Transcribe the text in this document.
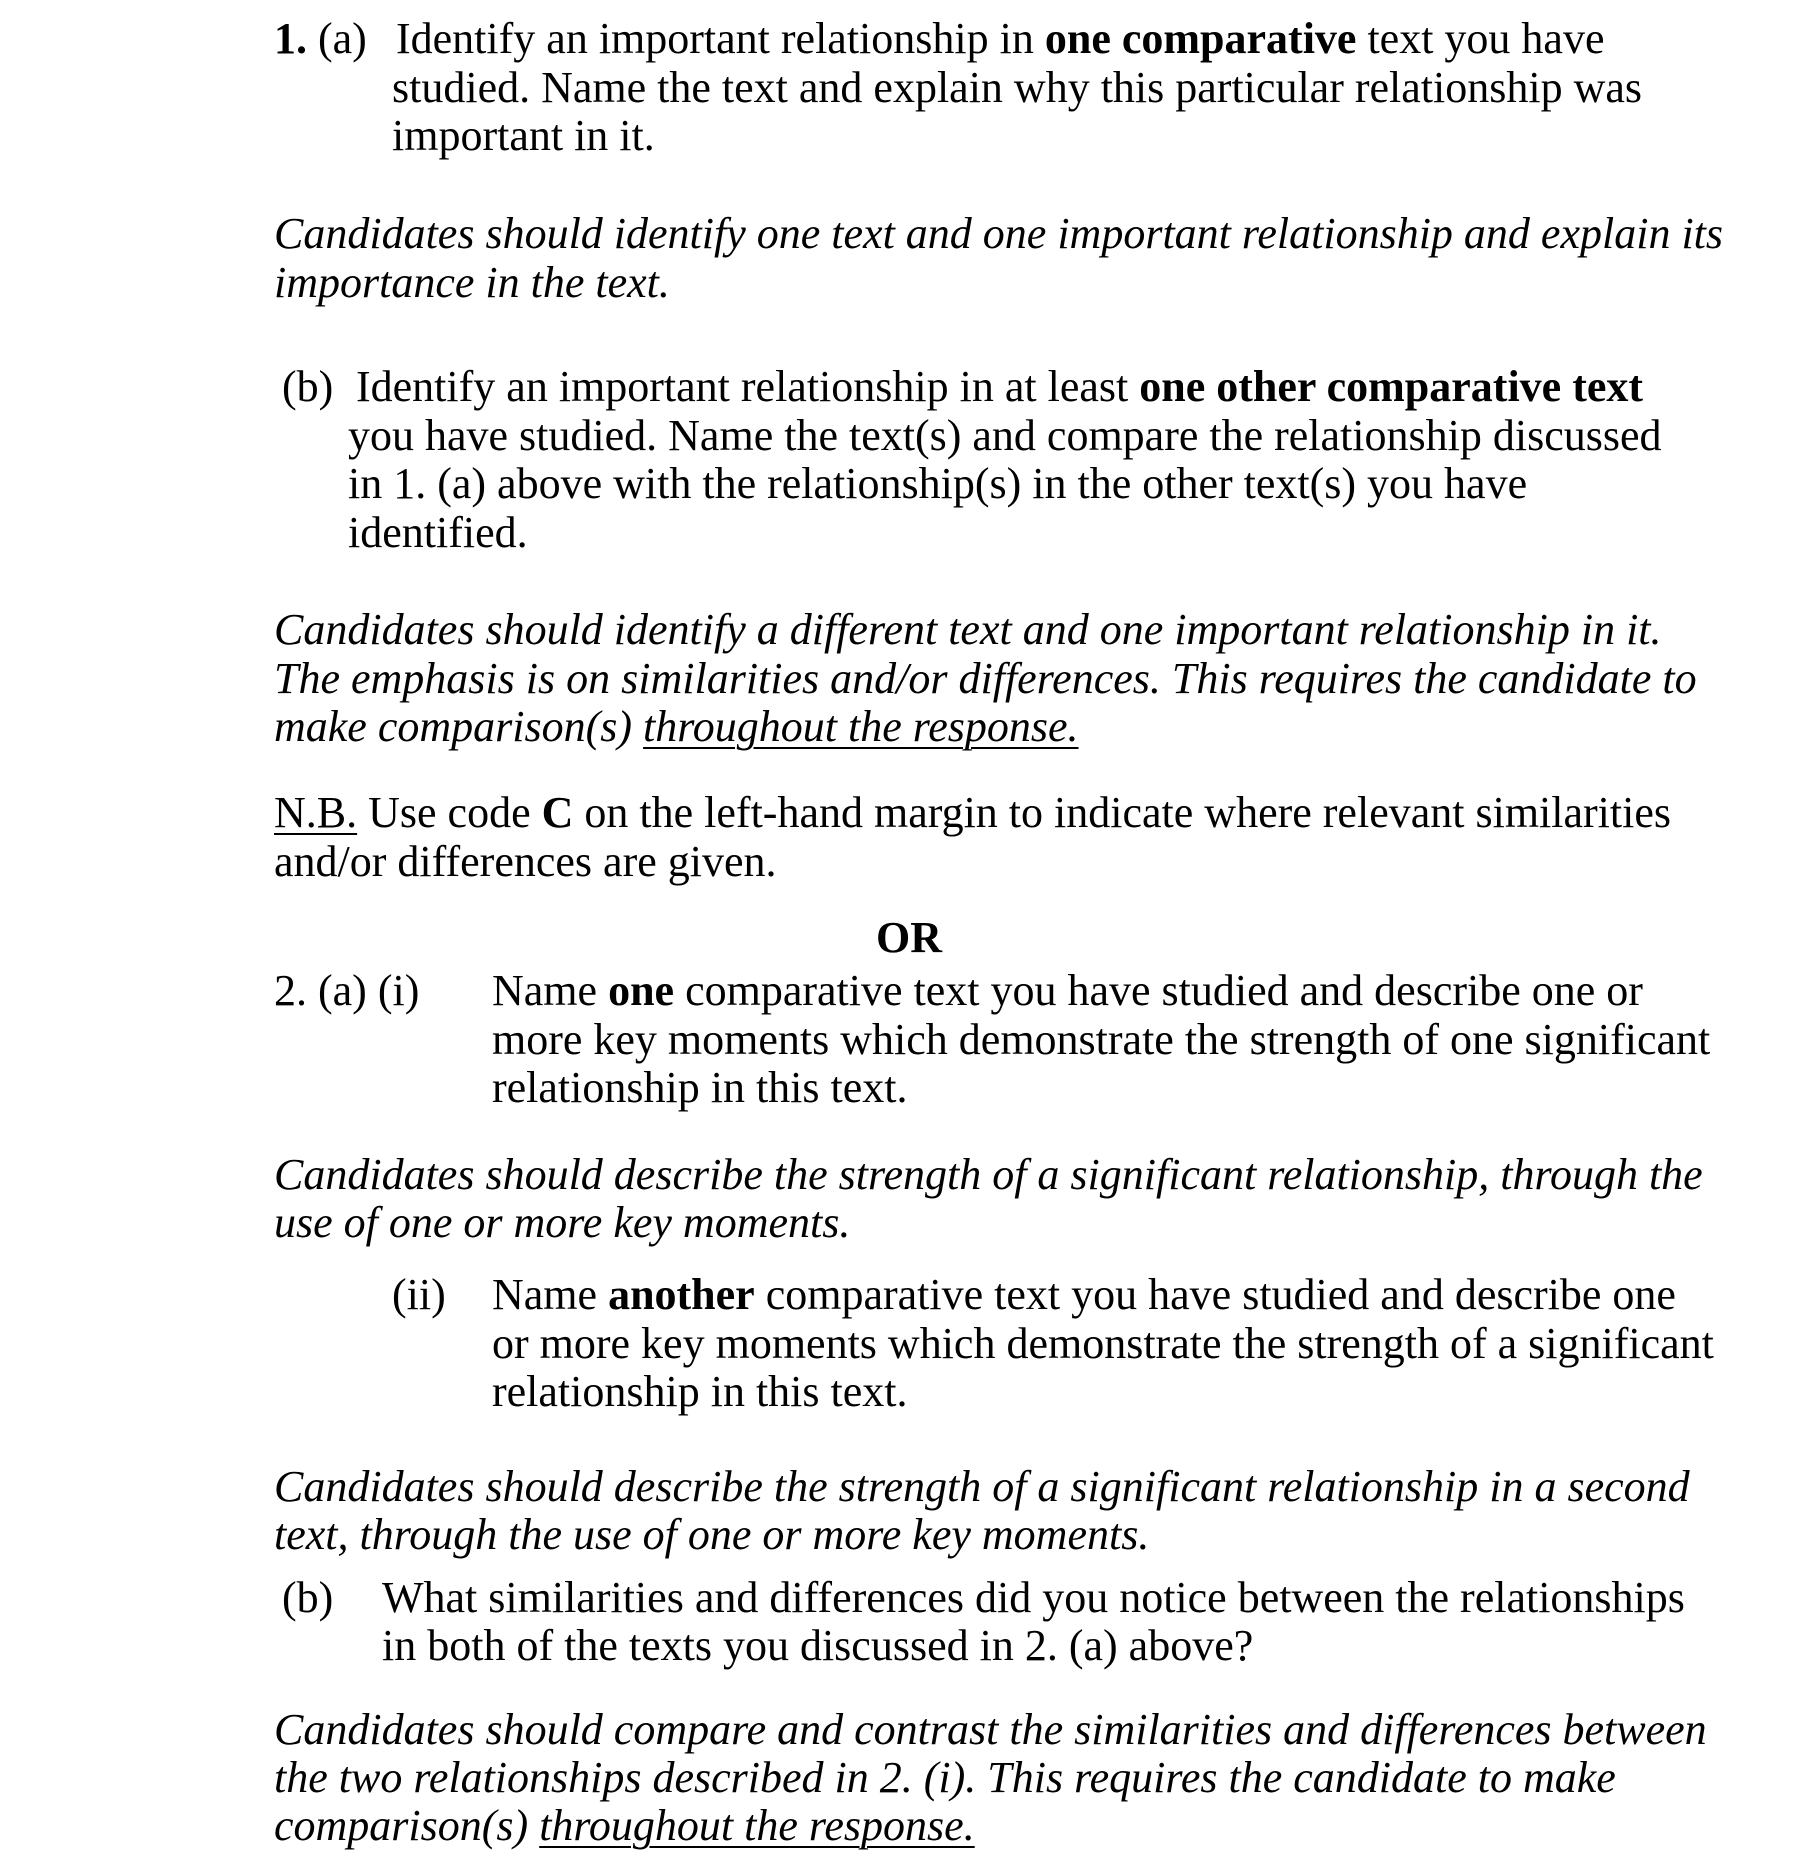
1. (a) Identify an important relationship in one comparative text you have
studied. Name the text and explain why this particular relationship was
important in it.
Candidates should identify one text and one important relationship and explain its
importance in the text.
(b) Identify an important relationship in at least one other comparative text
you have studied. Name the text(s) and compare the relationship discussed
in 1. (a) above with the relationship(s) in the other text(s) you have
identified.
Candidates should identify a different text and one important relationship in it.
The emphasis is on similarities and/or differences. This requires the candidate to
make comparison(s) throughout the response.
N.B. Use code C on the left-hand margin to indicate where relevant similarities
and/or differences are given.
OR
2. (a) (i) Name one comparative text you have studied and describe one or
more key moments which demonstrate the strength of one significant
relationship in this text.
Candidates should describe the strength of a significant relationship, through the
use of one or more key moments.
(ii) Name another comparative text you have studied and describe one
or more key moments which demonstrate the strength of a significant
relationship in this text.
Candidates should describe the strength of a significant relationship in a second
text, through the use of one or more key moments.
(b) What similarities and differences did you notice between the relationships
in both of the texts you discussed in 2. (a) above?
Candidates should compare and contrast the similarities and differences between
the two relationships described in 2. (i). This requires the candidate to make
comparison(s) throughout the response.
